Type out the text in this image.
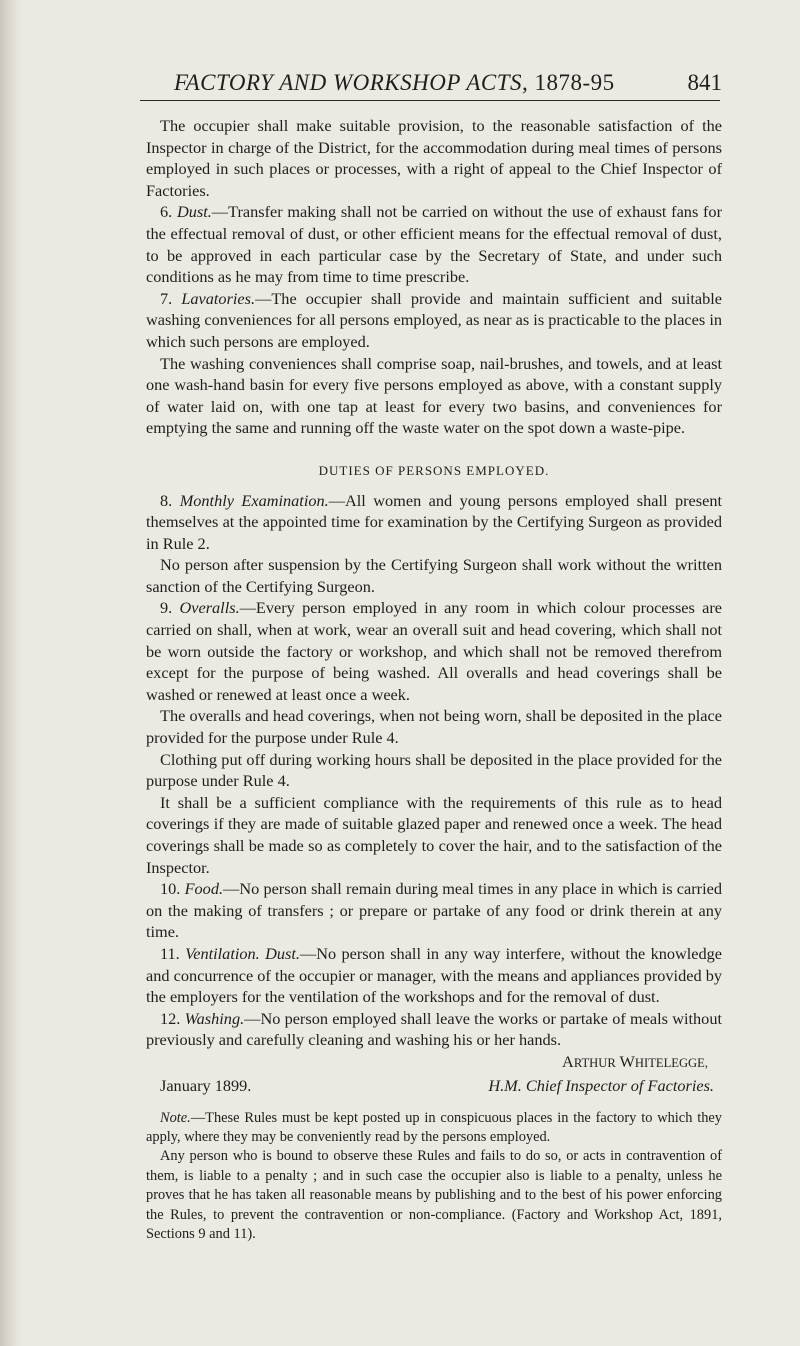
FACTORY AND WORKSHOP ACTS, 1878-95	841

The occupier shall make suitable provision, to the reasonable satisfaction of the Inspector in charge of the District, for the accommodation during meal times of persons employed in such places or processes, with a right of appeal to the Chief Inspector of Factories.

6. Dust.—Transfer making shall not be carried on without the use of exhaust fans for the effectual removal of dust, or other efficient means for the effectual removal of dust, to be approved in each particular case by the Secretary of State, and under such conditions as he may from time to time prescribe.

7. Lavatories.—The occupier shall provide and maintain sufficient and suitable washing conveniences for all persons employed, as near as is practicable to the places in which such persons are employed.

The washing conveniences shall comprise soap, nail-brushes, and towels, and at least one wash-hand basin for every five persons employed as above, with a constant supply of water laid on, with one tap at least for every two basins, and conveniences for emptying the same and running off the waste water on the spot down a waste-pipe.

DUTIES OF PERSONS EMPLOYED.

8. Monthly Examination.—All women and young persons employed shall present themselves at the appointed time for examination by the Certifying Surgeon as provided in Rule 2.

No person after suspension by the Certifying Surgeon shall work without the written sanction of the Certifying Surgeon.

9. Overalls.—Every person employed in any room in which colour processes are carried on shall, when at work, wear an overall suit and head covering, which shall not be worn outside the factory or workshop, and which shall not be removed therefrom except for the purpose of being washed. All overalls and head coverings shall be washed or renewed at least once a week.

The overalls and head coverings, when not being worn, shall be deposited in the place provided for the purpose under Rule 4.

Clothing put off during working hours shall be deposited in the place provided for the purpose under Rule 4.

It shall be a sufficient compliance with the requirements of this rule as to head coverings if they are made of suitable glazed paper and renewed once a week. The head coverings shall be made so as completely to cover the hair, and to the satisfaction of the Inspector.

10. Food.—No person shall remain during meal times in any place in which is carried on the making of transfers ; or prepare or partake of any food or drink therein at any time.

11. Ventilation. Dust.—No person shall in any way interfere, without the knowledge and concurrence of the occupier or manager, with the means and appliances provided by the employers for the ventilation of the workshops and for the removal of dust.

12. Washing.—No person employed shall leave the works or partake of meals without previously and carefully cleaning and washing his or her hands.

ARTHUR WHITELEGGE,

January 1899.	H.M. Chief Inspector of Factories.

Note.—These Rules must be kept posted up in conspicuous places in the factory to which they apply, where they may be conveniently read by the persons employed.

Any person who is bound to observe these Rules and fails to do so, or acts in contravention of them, is liable to a penalty ; and in such case the occupier also is liable to a penalty, unless he proves that he has taken all reasonable means by publishing and to the best of his power enforcing the Rules, to prevent the contravention or non-compliance. (Factory and Workshop Act, 1891, Sections 9 and 11).
